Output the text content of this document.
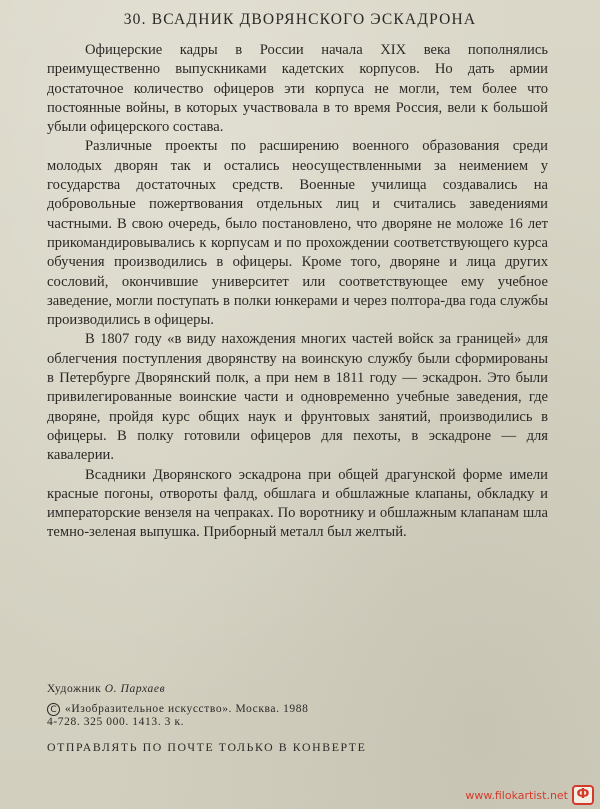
30. ВСАДНИК ДВОРЯНСКОГО ЭСКАДРОНА

Офицерские кадры в России начала XIX века пополнялись преимущественно выпускниками кадетских корпусов. Но дать армии достаточное количество офицеров эти корпуса не могли, тем более что постоянные войны, в которых участвовала в то время Россия, вели к большой убыли офицерского состава.

Различные проекты по расширению военного образования среди молодых дворян так и остались неосуществленными за неимением у государства достаточных средств. Военные училища создавались на добровольные пожертвования отдельных лиц и считались заведениями частными. В свою очередь, было постановлено, что дворяне не моложе 16 лет прикомандировывались к корпусам и по прохождении соответствующего курса обучения производились в офицеры. Кроме того, дворяне и лица других сословий, окончившие университет или соответствующее ему учебное заведение, могли поступать в полки юнкерами и через полтора-два года службы производились в офицеры.

В 1807 году «в виду нахождения многих частей войск за границей» для облегчения поступления дворянству на воинскую службу были сформированы в Петербурге Дворянский полк, а при нем в 1811 году — эскадрон. Это были привилегированные воинские части и одновременно учебные заведения, где дворяне, пройдя курс общих наук и фрунтовых занятий, производились в офицеры. В полку готовили офицеров для пехоты, в эскадроне — для кавалерии.

Всадники Дворянского эскадрона при общей драгунской форме имели красные погоны, отвороты фалд, обшлага и обшлажные клапаны, обкладку и императорские вензеля на чепраках. По воротнику и обшлажным клапанам шла темно-зеленая выпушка. Приборный металл был желтый.

Художник О. Пархаев
С «Изобразительное искусство». Москва. 1988
4-728. 325 000. 1413. 3 к.
ОТПРАВЛЯТЬ ПО ПОЧТЕ ТОЛЬКО В КОНВЕРТЕ
www.filokartist.net Ф
